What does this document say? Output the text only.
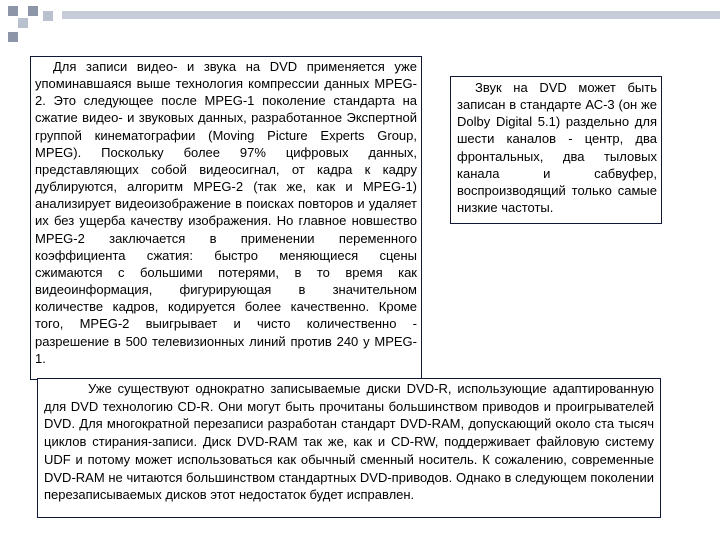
Для записи видео- и звука на DVD применяется уже упоминавшаяся выше технология компрессии данных MPEG-2. Это следующее после MPEG-1 поколение стандарта на сжатие видео- и звуковых данных, разработанное Экспертной группой кинематографии (Moving Picture Experts Group, MPEG). Поскольку более 97% цифровых данных, представляющих собой видеосигнал, от кадра к кадру дублируются, алгоритм MPEG-2 (так же, как и MPEG-1) анализирует видеоизображение в поисках повторов и удаляет их без ущерба качеству изображения. Но главное новшество MPEG-2 заключается в применении переменного коэффициента сжатия: быстро меняющиеся сцены сжимаются с большими потерями, в то время как видеоинформация, фигурирующая в значительном количестве кадров, кодируется более качественно. Кроме того, MPEG-2 выигрывает и чисто количественно - разрешение в 500 телевизионных линий против 240 у MPEG-1.

Звук на DVD может быть записан в стандарте АС-3 (он же Dolby Digital 5.1) раздельно для шести каналов - центр, два фронтальных, два тыловых канала и сабвуфер, воспроизводящий только самые низкие частоты.

Уже существуют однократно записываемые диски DVD-R, использующие адаптированную для DVD технологию CD-R. Они могут быть прочитаны большинством приводов и проигрывателей DVD. Для многократной перезаписи разработан стандарт DVD-RAM, допускающий около ста тысяч циклов стирания-записи. Диск DVD-RAM так же, как и CD-RW, поддерживает файловую систему UDF и потому может использоваться как обычный сменный носитель. К сожалению, современные DVD-RAM не читаются большинством стандартных DVD-приводов. Однако в следующем поколении перезаписываемых дисков этот недостаток будет исправлен.
